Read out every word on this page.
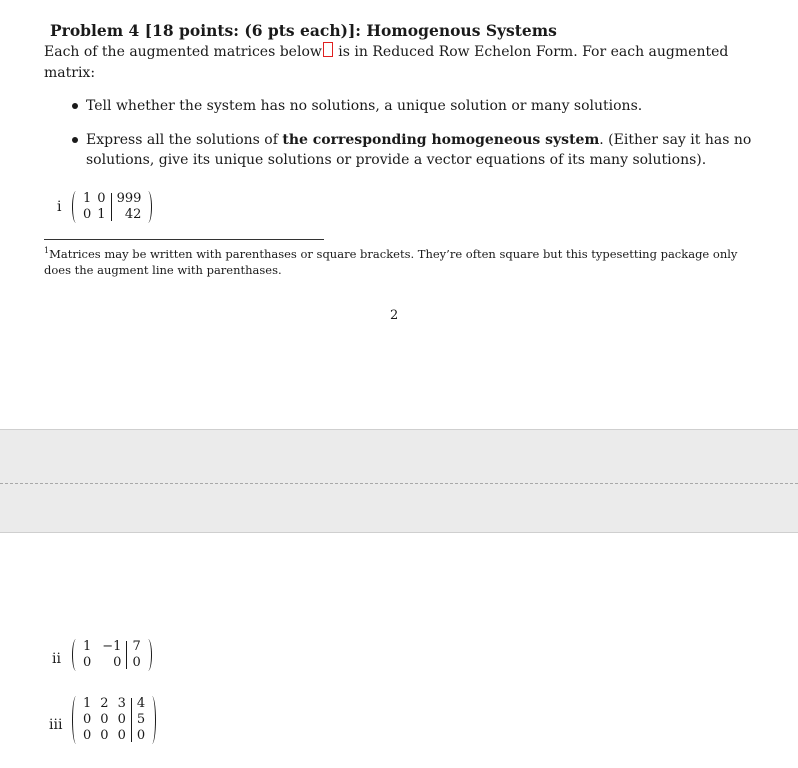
Problem 4 [18 points: (6 pts each)]: Homogenous Systems
Each of the augmented matrices below is in Reduced Row Echelon Form. For each augmented matrix:
Tell whether the system has no solutions, a unique solution or many solutions.
Express all the solutions of the corresponding homogeneous system. (Either say it has no solutions, give its unique solutions or provide a vector equations of its many solutions).
i
1
0
0
1
999
42
$^1$Matrices may be written with parenthases or square brackets. They’re often square but this typesetting package only does the augment line with parenthases.
2
ii
1
0
−1
0
7
0
iii
1
0
0
2
0
0
3
0
0
4
5
0
